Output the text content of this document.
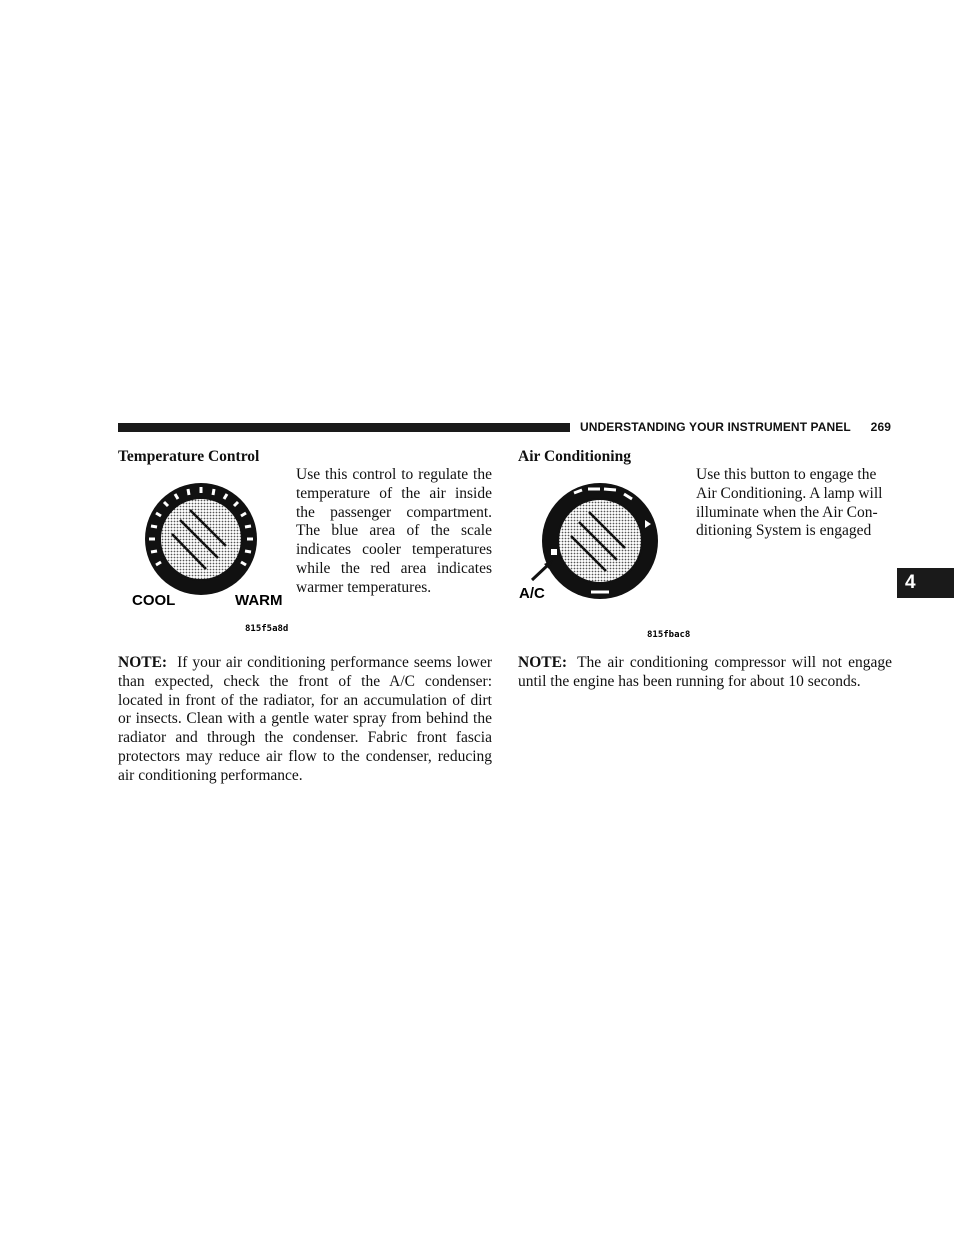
UNDERSTANDING YOUR INSTRUMENT PANEL 269
Temperature Control
COOL	WARM
815f5a8d
Use this control to regulate the temperature of the air inside the passenger compartment. The blue area of the scale indicates cooler temperatures while the red area indicates warmer temperatures.
NOTE: If your air conditioning performance seems lower than expected, check the front of the A/C condenser: located in front of the radiator, for an accumulation of dirt or insects. Clean with a gentle water spray from behind the radiator and through the condenser. Fabric front fascia protectors may reduce air flow to the condenser, reducing air conditioning performance.
Air Conditioning
A/C
815fbac8
Use this button to engage the Air Conditioning. A lamp will illuminate when the Air Conditioning System is engaged
NOTE: The air conditioning compressor will not engage until the engine has been running for about 10 seconds.
4
